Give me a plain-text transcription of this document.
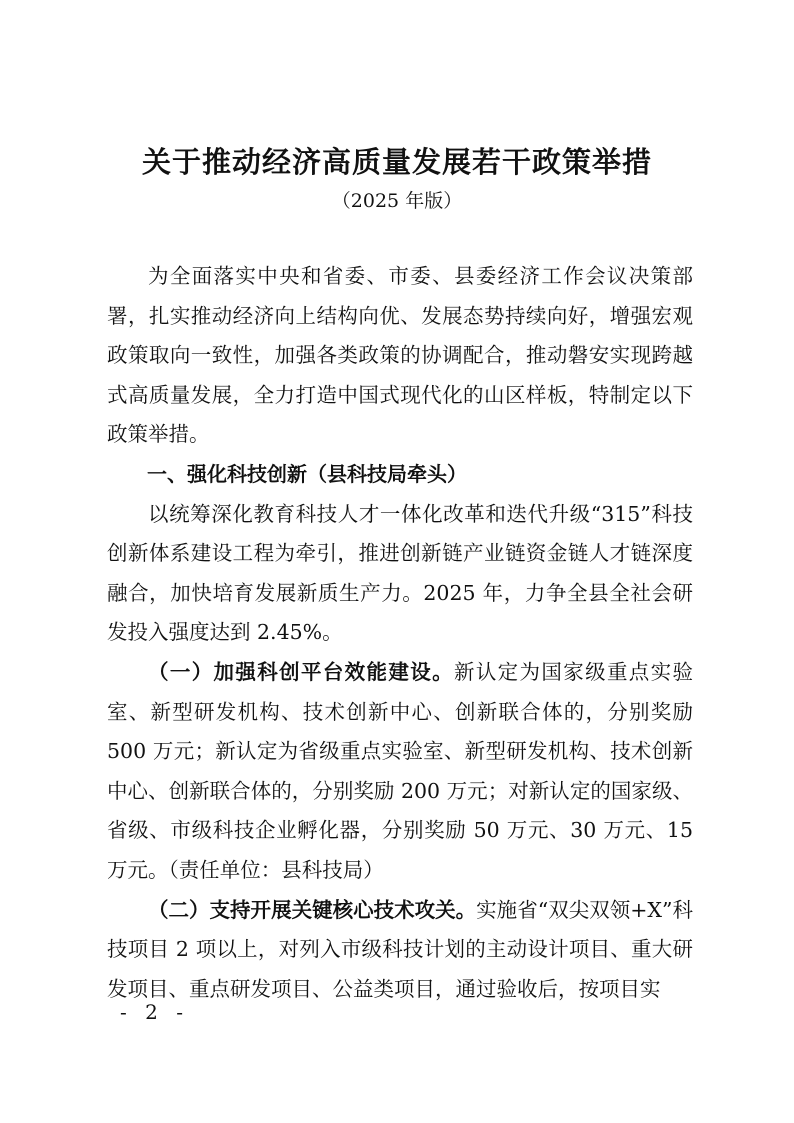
关于推动经济高质量发展若干政策举措
（2025 年版）

为全面落实中央和省委、市委、县委经济工作会议决策部署，扎实推动经济向上结构向优、发展态势持续向好，增强宏观政策取向一致性，加强各类政策的协调配合，推动磐安实现跨越式高质量发展，全力打造中国式现代化的山区样板，特制定以下政策举措。

一、强化科技创新（县科技局牵头）

以统筹深化教育科技人才一体化改革和迭代升级“315”科技创新体系建设工程为牵引，推进创新链产业链资金链人才链深度融合，加快培育发展新质生产力。2025 年，力争全县全社会研发投入强度达到 2.45%。

（一）加强科创平台效能建设。新认定为国家级重点实验室、新型研发机构、技术创新中心、创新联合体的，分别奖励 500 万元；新认定为省级重点实验室、新型研发机构、技术创新中心、创新联合体的，分别奖励 200 万元；对新认定的国家级、省级、市级科技企业孵化器，分别奖励 50 万元、30 万元、15 万元。（责任单位：县科技局）

（二）支持开展关键核心技术攻关。实施省“双尖双领+X”科技项目 2 项以上，对列入市级科技计划的主动设计项目、重大研发项目、重点研发项目、公益类项目，通过验收后，按项目实

- 2 -
